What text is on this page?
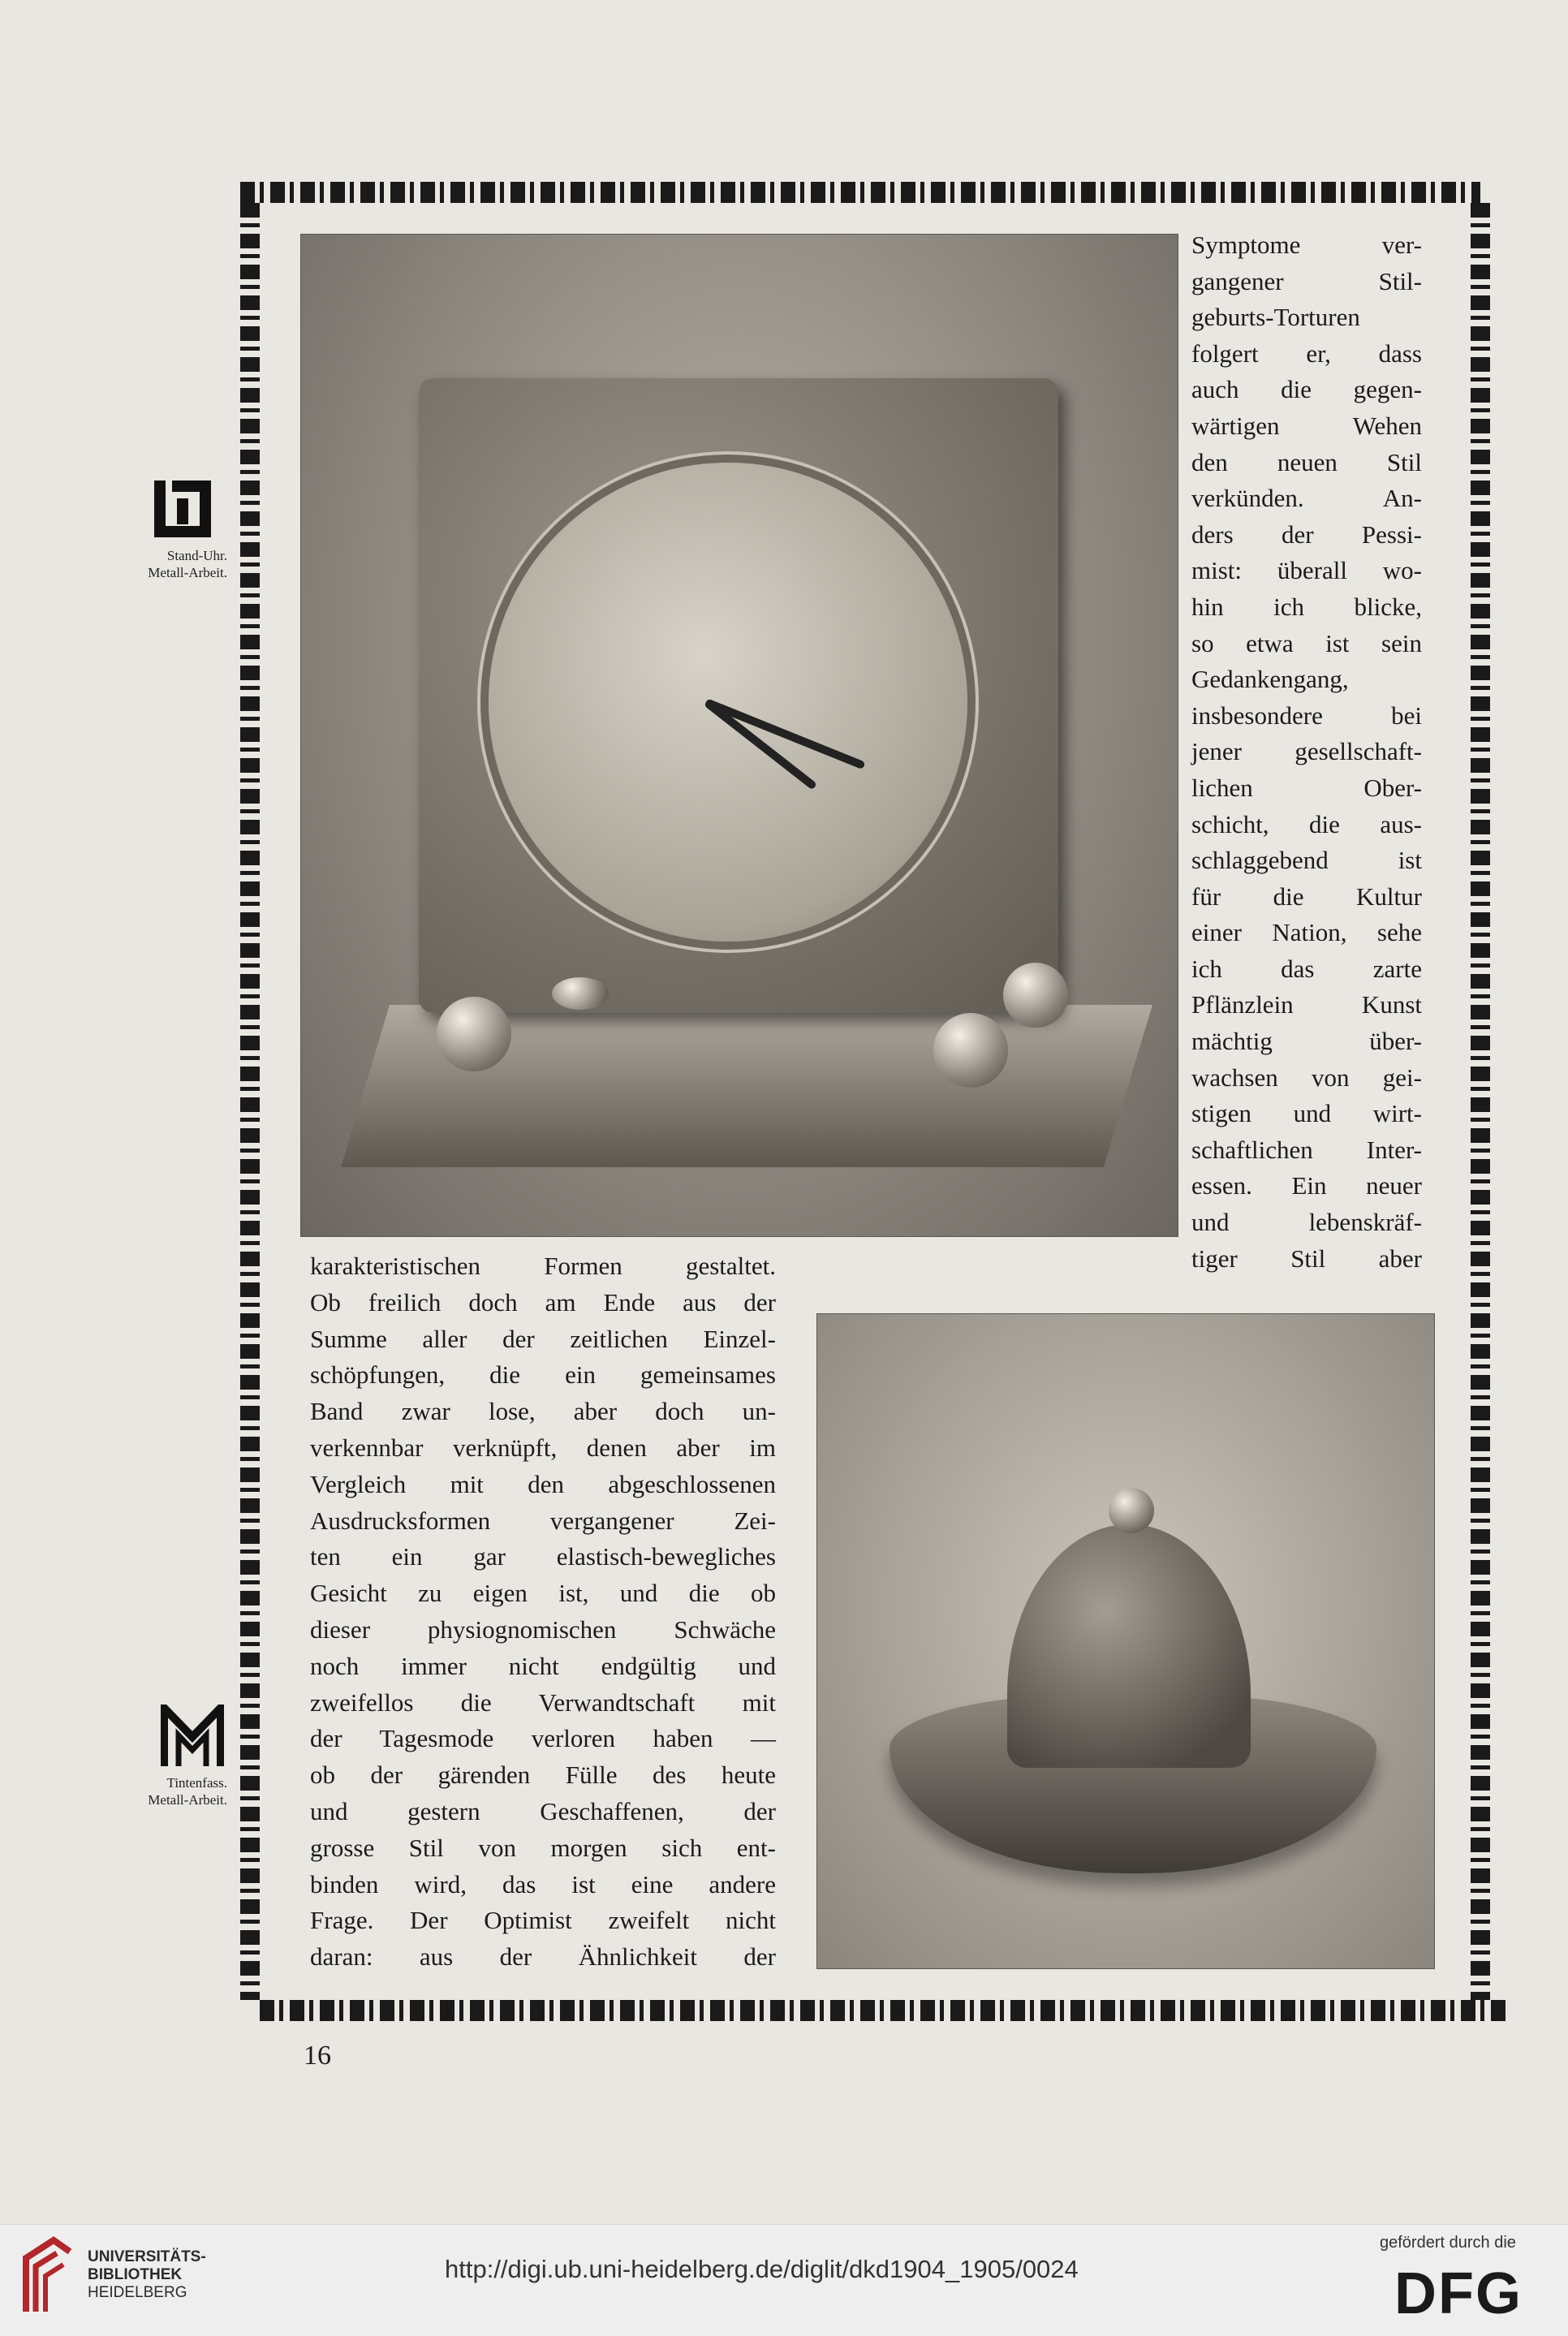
Symptome ver-
gangener Stil-
geburts-Torturen
folgert er, dass
auch die gegen-
wärtigen Wehen
den neuen Stil
verkünden. An-
ders der Pessi-
mist: überall wo-
hin ich blicke,
so etwa ist sein
Gedankengang,
insbesondere bei
jener gesellschaft-
lichen Ober-
schicht, die aus-
schlaggebend ist
für die Kultur
einer Nation, sehe
ich das zarte
Pflänzlein Kunst
mächtig über-
wachsen von gei-
stigen und wirt-
schaftlichen Inter-
essen. Ein neuer
und lebenskräf-
tiger Stil aber
karakteristischen Formen gestaltet.
Ob freilich doch am Ende aus der
Summe aller der zeitlichen Einzel-
schöpfungen, die ein gemeinsames
Band zwar lose, aber doch un-
verkennbar verknüpft, denen aber im
Vergleich mit den abgeschlossenen
Ausdrucksformen vergangener Zei-
ten ein gar elastisch-bewegliches
Gesicht zu eigen ist, und die ob
dieser physiognomischen Schwäche
noch immer nicht endgültig und
zweifellos die Verwandtschaft mit
der Tagesmode verloren haben —
ob der gärenden Fülle des heute
und gestern Geschaffenen, der
grosse Stil von morgen sich ent-
binden wird, das ist eine andere
Frage. Der Optimist zweifelt nicht
daran: aus der Ähnlichkeit der
Stand-Uhr.
Metall-Arbeit.
Tintenfass.
Metall-Arbeit.
16
UNIVERSITÄTS-
BIBLIOTHEK
HEIDELBERG
http://digi.ub.uni-heidelberg.de/diglit/dkd1904_1905/0024
gefördert durch die
DFG
